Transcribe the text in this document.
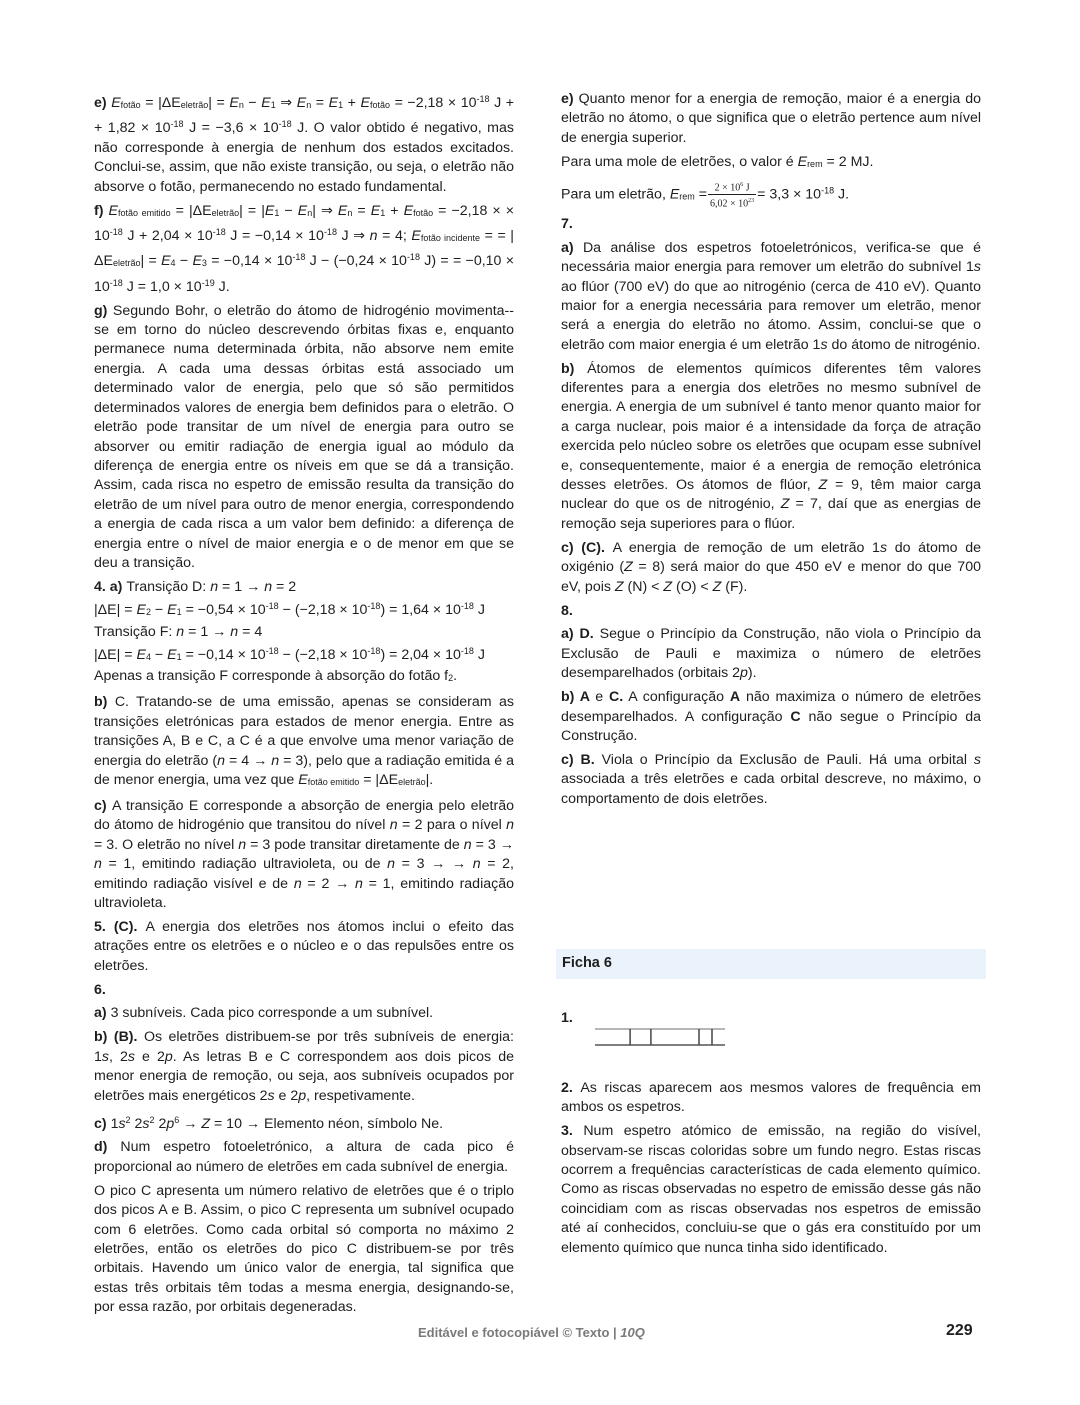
e) Efotão = |ΔEeletrão| = En − E1 ⇒ En = E1 + Efotão = $-2,18 \times 10^{-18}$ J + + $1,82 \times 10^{-18}$ $J = -3,6 \times 10^{-18}$ J. O valor obtido é negativo, mas não corresponde à energia de nenhum dos estados excitados. Conclui-se, assim, que não existe transição, ou seja, o eletrão não absorve o fotão, permanecendo no estado fundamental.
f) Efotão emitido = |ΔEeletrão| = |E1 − En| ⇒ En = E1 + Efotão = −2,18 × × $10^{-18}$ $J + 2,04 \times 10^{-18}$ $J = -0,14 \times 10^{-18}$ J ⇒ n = 4; Efotão incidente = = |ΔEeletrão| = $E4 - E3 = -0,14 \times 10^{-18}$ $J - (-0,24 \times 10^{-18}$ J) = = $-0,10 \times 10^{-18}$ $J = 1,0 \times 10^{-19}$ J.
g) Segundo Bohr, o eletrão do átomo de hidrogénio movimenta--se em torno do núcleo descrevendo órbitas fixas e, enquanto permanece numa determinada órbita, não absorve nem emite energia. A cada uma dessas órbitas está associado um determinado valor de energia, pelo que só são permitidos determinados valores de energia bem definidos para o eletrão. O eletrão pode transitar de um nível de energia para outro se absorver ou emitir radiação de energia igual ao módulo da diferença de energia entre os níveis em que se dá a transição. Assim, cada risca no espetro de emissão resulta da transição do eletrão de um nível para outro de menor energia, correspondendo a energia de cada risca a um valor bem definido: a diferença de energia entre o nível de maior energia e o de menor em que se deu a transição.
4. a) Transição D: n = 1 → n = 2
$|\Delta E| = E2 - E1 = -0,54 \times 10^{-18} - (-2,18 \times 10^{-18}) = 1,64 \times 10^{-18}$ J
Transição F: n = 1 → n = 4
$|\Delta E| = E4 - E1 = -0,14 \times 10^{-18} - (-2,18 \times 10^{-18}) = 2,04 \times 10^{-18}$ J
Apenas a transição F corresponde à absorção do fotão f2.
b) C. Tratando-se de uma emissão, apenas se consideram as transições eletrónicas para estados de menor energia. Entre as transições A, B e C, a C é a que envolve uma menor variação de energia do eletrão (n = 4 → n = 3), pelo que a radiação emitida é a de menor energia, uma vez que Efotão emitido = |ΔEeletrão|.
c) A transição E corresponde a absorção de energia pelo eletrão do átomo de hidrogénio que transitou do nível n = 2 para o nível n = 3. O eletrão no nível n = 3 pode transitar diretamente de n = 3 → n = 1, emitindo radiação ultravioleta, ou de n = 3 → → n = 2, emitindo radiação visível e de n = 2 → n = 1, emitindo radiação ultravioleta.
5. (C). A energia dos eletrões nos átomos inclui o efeito das atrações entre os eletrões e o núcleo e o das repulsões entre os eletrões.
6.
a) 3 subníveis. Cada pico corresponde a um subnível.
b) (B). Os eletrões distribuem-se por três subníveis de energia: 1s, 2s e 2p. As letras B e C correspondem aos dois picos de menor energia de remoção, ou seja, aos subníveis ocupados por eletrões mais energéticos 2s e 2p, respetivamente.
c) $1s^2$ $2s^2$ $2p^6 \to Z = 10$ → Elemento néon, símbolo Ne.
d) Num espetro fotoeletrónico, a altura de cada pico é proporcional ao número de eletrões em cada subnível de energia.
O pico C apresenta um número relativo de eletrões que é o triplo dos picos A e B. Assim, o pico C representa um subnível ocupado com 6 eletrões. Como cada orbital só comporta no máximo 2 eletrões, então os eletrões do pico C distribuem-se por três orbitais. Havendo um único valor de energia, tal significa que estas três orbitais têm todas a mesma energia, designando-se, por essa razão, por orbitais degeneradas.
e) Quanto menor for a energia de remoção, maior é a energia do eletrão no átomo, o que significa que o eletrão pertence aum nível de energia superior.
Para uma mole de eletrões, o valor é Erem = 2 MJ.
Para um eletrão, Erem = $\frac{2 \times 10^6 J}{6,02 \times 10^{23}} = 3,3 \times 10^{-18}$ J.
7.
a) Da análise dos espetros fotoeletrónicos, verifica-se que é necessária maior energia para remover um eletrão do subnível 1s ao flúor (700 eV) do que ao nitrogénio (cerca de 410 eV). Quanto maior for a energia necessária para remover um eletrão, menor será a energia do eletrão no átomo. Assim, conclui-se que o eletrão com maior energia é um eletrão 1s do átomo de nitrogénio.
b) Átomos de elementos químicos diferentes têm valores diferentes para a energia dos eletrões no mesmo subnível de energia. A energia de um subnível é tanto menor quanto maior for a carga nuclear, pois maior é a intensidade da força de atração exercida pelo núcleo sobre os eletrões que ocupam esse subnível e, consequentemente, maior é a energia de remoção eletrónica desses eletrões. Os átomos de flúor, Z = 9, têm maior carga nuclear do que os de nitrogénio, Z = 7, daí que as energias de remoção seja superiores para o flúor.
c) (C). A energia de remoção de um eletrão 1s do átomo de oxigénio (Z = 8) será maior do que 450 eV e menor do que 700 eV, pois Z (N) < Z (O) < Z (F).
8.
a) D. Segue o Princípio da Construção, não viola o Princípio da Exclusão de Pauli e maximiza o número de eletrões desemparelhados (orbitais 2p).
b) A e C. A configuração A não maximiza o número de eletrões desemparelhados. A configuração C não segue o Princípio da Construção.
c) B. Viola o Princípio da Exclusão de Pauli. Há uma orbital s associada a três eletrões e cada orbital descreve, no máximo, o comportamento de dois eletrões.
Ficha 6
1.
2. As riscas aparecem aos mesmos valores de frequência em ambos os espetros.
3. Num espetro atómico de emissão, na região do visível, observam-se riscas coloridas sobre um fundo negro. Estas riscas ocorrem a frequências características de cada elemento químico. Como as riscas observadas no espetro de emissão desse gás não coincidiam com as riscas observadas nos espetros de emissão até aí conhecidos, concluiu-se que o gás era constituído por um elemento químico que nunca tinha sido identificado.
Editável e fotocopiável © Texto | 10Q	229
